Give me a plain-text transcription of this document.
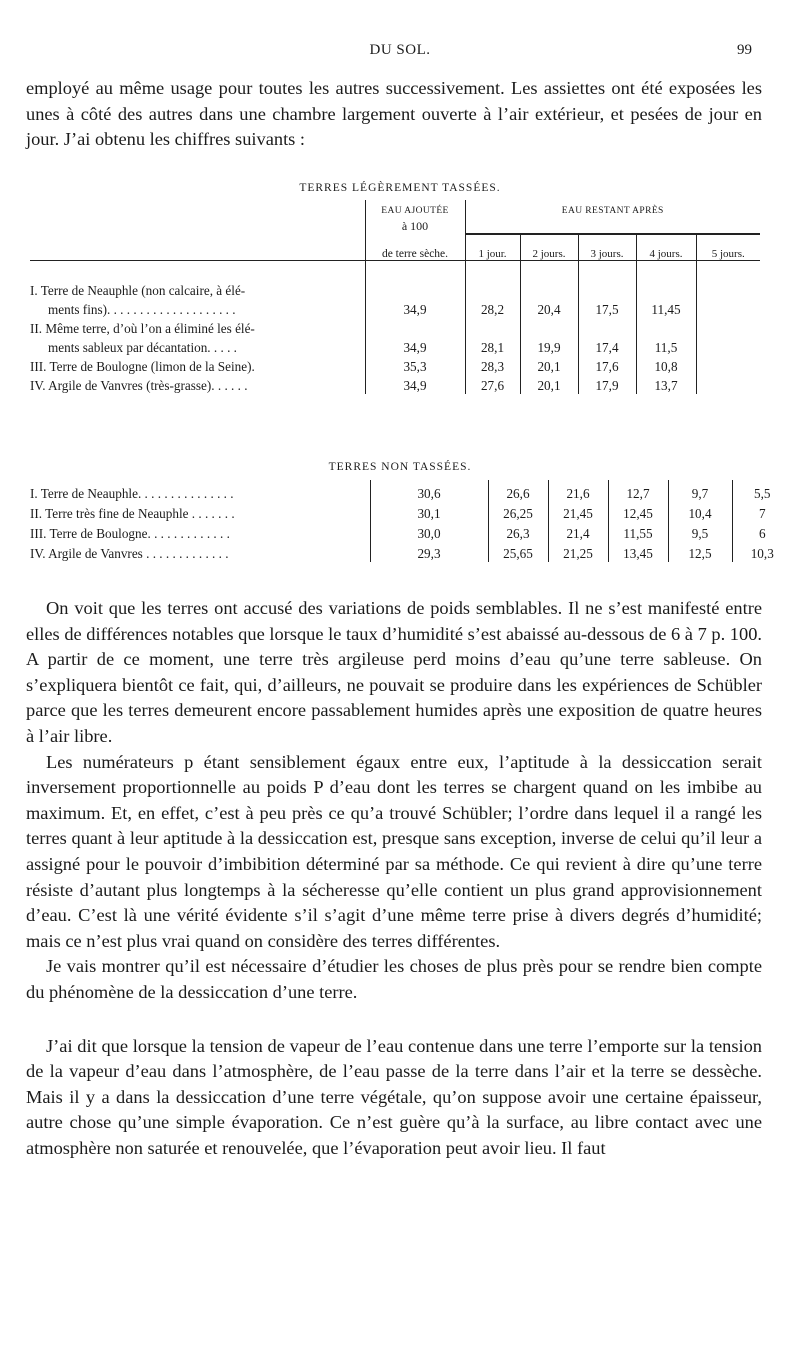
DU SOL.	99

employé au même usage pour toutes les autres successivement. Les assiettes ont été exposées les unes à côté des autres dans une chambre largement ouverte à l’air extérieur, et pesées de jour en jour. J’ai obtenu les chiffres suivants :

TERRES LÉGÈREMENT TASSÉES.
	EAU AJOUTÉE	EAU RESTANT APRÈS				
	à 100					
	de terre sèche.	1 jour.	2 jours.	3 jours.	4 jours.	5 jours.

I. Terre de Neauphle (non calcaire, à élé-						
ments fins). . . . . . . . . . . . . . . . . . . .	34,9	28,2	20,4	17,5	11,45	
II. Même terre, d’où l’on a éliminé les élé-						
ments sableux par décantation. . . . .	34,9	28,1	19,9	17,4	11,5	
III. Terre de Boulogne (limon de la Seine).	35,3	28,3	20,1	17,6	10,8	
IV. Argile de Vanvres (très-grasse). . . . . .	34,9	27,6	20,1	17,9	13,7	
TERRES NON TASSÉES.
I. Terre de Neauphle. . . . . . . . . . . . . . .	30,6	26,6	21,6	12,7	9,7	5,5
II. Terre très fine de Neauphle . . . . . . .	30,1	26,25	21,45	12,45	10,4	7
III. Terre de Boulogne. . . . . . . . . . . . .	30,0	26,3	21,4	11,55	9,5	6
IV. Argile de Vanvres . . . . . . . . . . . . .	29,3	25,65	21,25	13,45	12,5	10,3

On voit que les terres ont accusé des variations de poids semblables. Il ne s’est manifesté entre elles de différences notables que lorsque le taux d’humidité s’est abaissé au-dessous de 6 à 7 p. 100. A partir de ce moment, une terre très argileuse perd moins d’eau qu’une terre sableuse. On s’expliquera bientôt ce fait, qui, d’ailleurs, ne pouvait se produire dans les expériences de Schübler parce que les terres demeurent encore passablement humides après une exposition de quatre heures à l’air libre.

Les numérateurs p étant sensiblement égaux entre eux, l’aptitude à la dessiccation serait inversement proportionnelle au poids P d’eau dont les terres se chargent quand on les imbibe au maximum. Et, en effet, c’est à peu près ce qu’a trouvé Schübler; l’ordre dans lequel il a rangé les terres quant à leur aptitude à la dessiccation est, presque sans exception, inverse de celui qu’il leur a assigné pour le pouvoir d’imbibition déterminé par sa méthode. Ce qui revient à dire qu’une terre résiste d’autant plus longtemps à la sécheresse qu’elle contient un plus grand approvisionnement d’eau. C’est là une vérité évidente s’il s’agit d’une même terre prise à divers degrés d’humidité; mais ce n’est plus vrai quand on considère des terres différentes.

Je vais montrer qu’il est nécessaire d’étudier les choses de plus près pour se rendre bien compte du phénomène de la dessiccation d’une terre.

J’ai dit que lorsque la tension de vapeur de l’eau contenue dans une terre l’emporte sur la tension de la vapeur d’eau dans l’atmosphère, de l’eau passe de la terre dans l’air et la terre se dessèche. Mais il y a dans la dessiccation d’une terre végétale, qu’on suppose avoir une certaine épaisseur, autre chose qu’une simple évaporation. Ce n’est guère qu’à la surface, au libre contact avec une atmosphère non saturée et renouvelée, que l’évaporation peut avoir lieu. Il faut
